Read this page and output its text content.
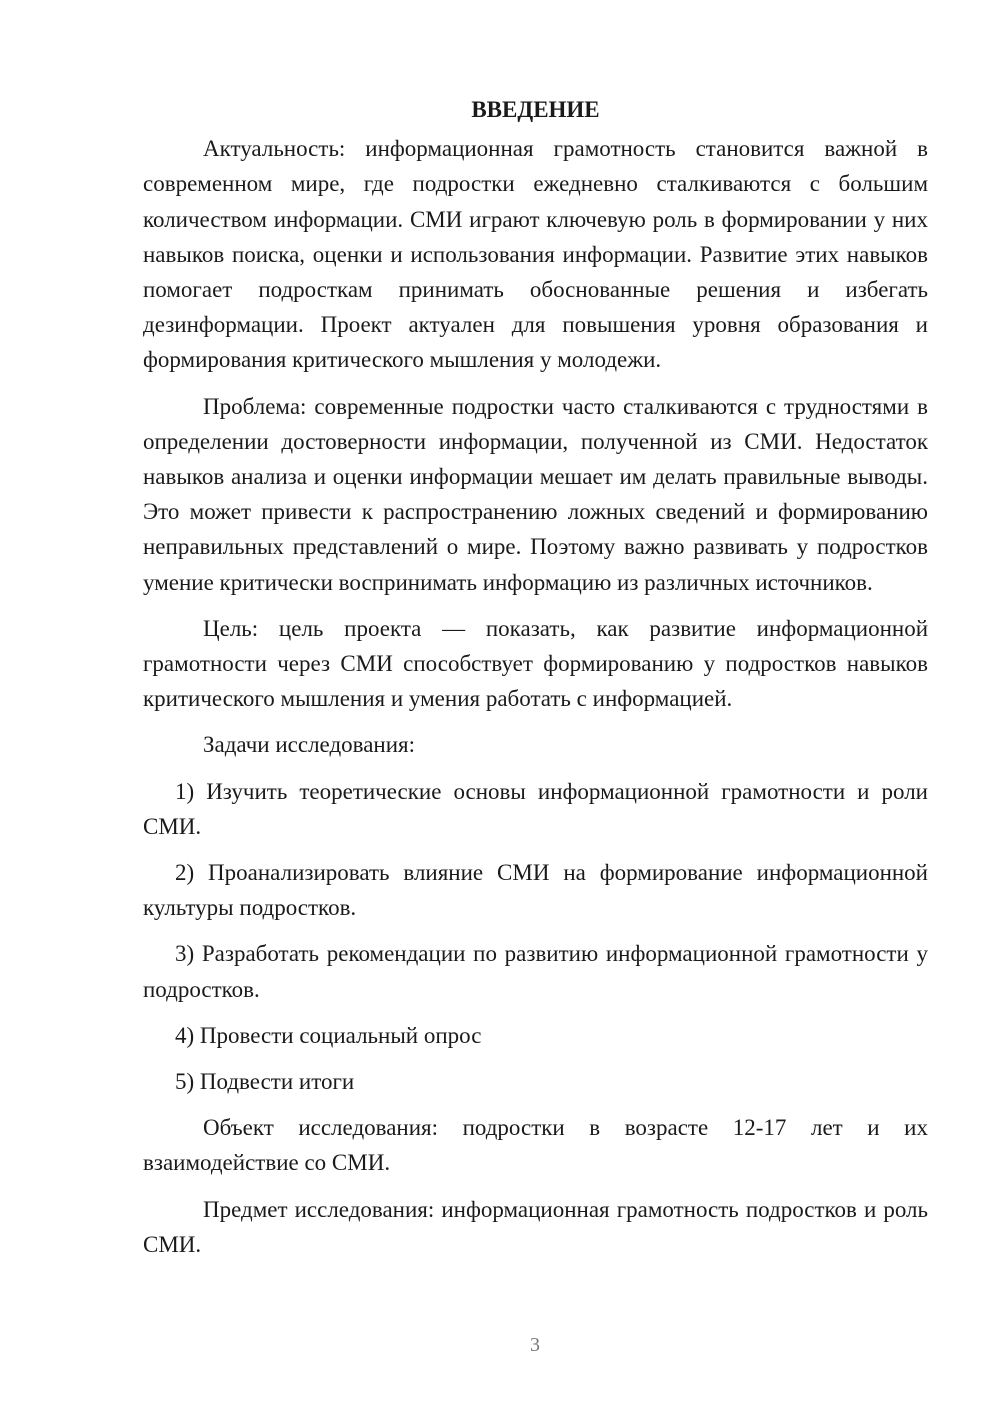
ВВЕДЕНИЕ

Актуальность: информационная грамотность становится важной в современном мире, где подростки ежедневно сталкиваются с большим количеством информации. СМИ играют ключевую роль в формировании у них навыков поиска, оценки и использования информации. Развитие этих навыков помогает подросткам принимать обоснованные решения и избегать дезинформации. Проект актуален для повышения уровня образования и формирования критического мышления у молодежи.

Проблема: современные подростки часто сталкиваются с трудностями в определении достоверности информации, полученной из СМИ. Недостаток навыков анализа и оценки информации мешает им делать правильные выводы. Это может привести к распространению ложных сведений и формированию неправильных представлений о мире. Поэтому важно развивать у подростков умение критически воспринимать информацию из различных источников.

Цель: цель проекта — показать, как развитие информационной грамотности через СМИ способствует формированию у подростков навыков критического мышления и умения работать с информацией.

Задачи исследования:

1) Изучить теоретические основы информационной грамотности и роли СМИ.

2) Проанализировать влияние СМИ на формирование информационной культуры подростков.

3) Разработать рекомендации по развитию информационной грамотности у подростков.

4) Провести социальный опрос

5) Подвести итоги

Объект исследования: подростки в возрасте 12-17 лет и их взаимодействие со СМИ.

Предмет исследования: информационная грамотность подростков и роль СМИ.

3
